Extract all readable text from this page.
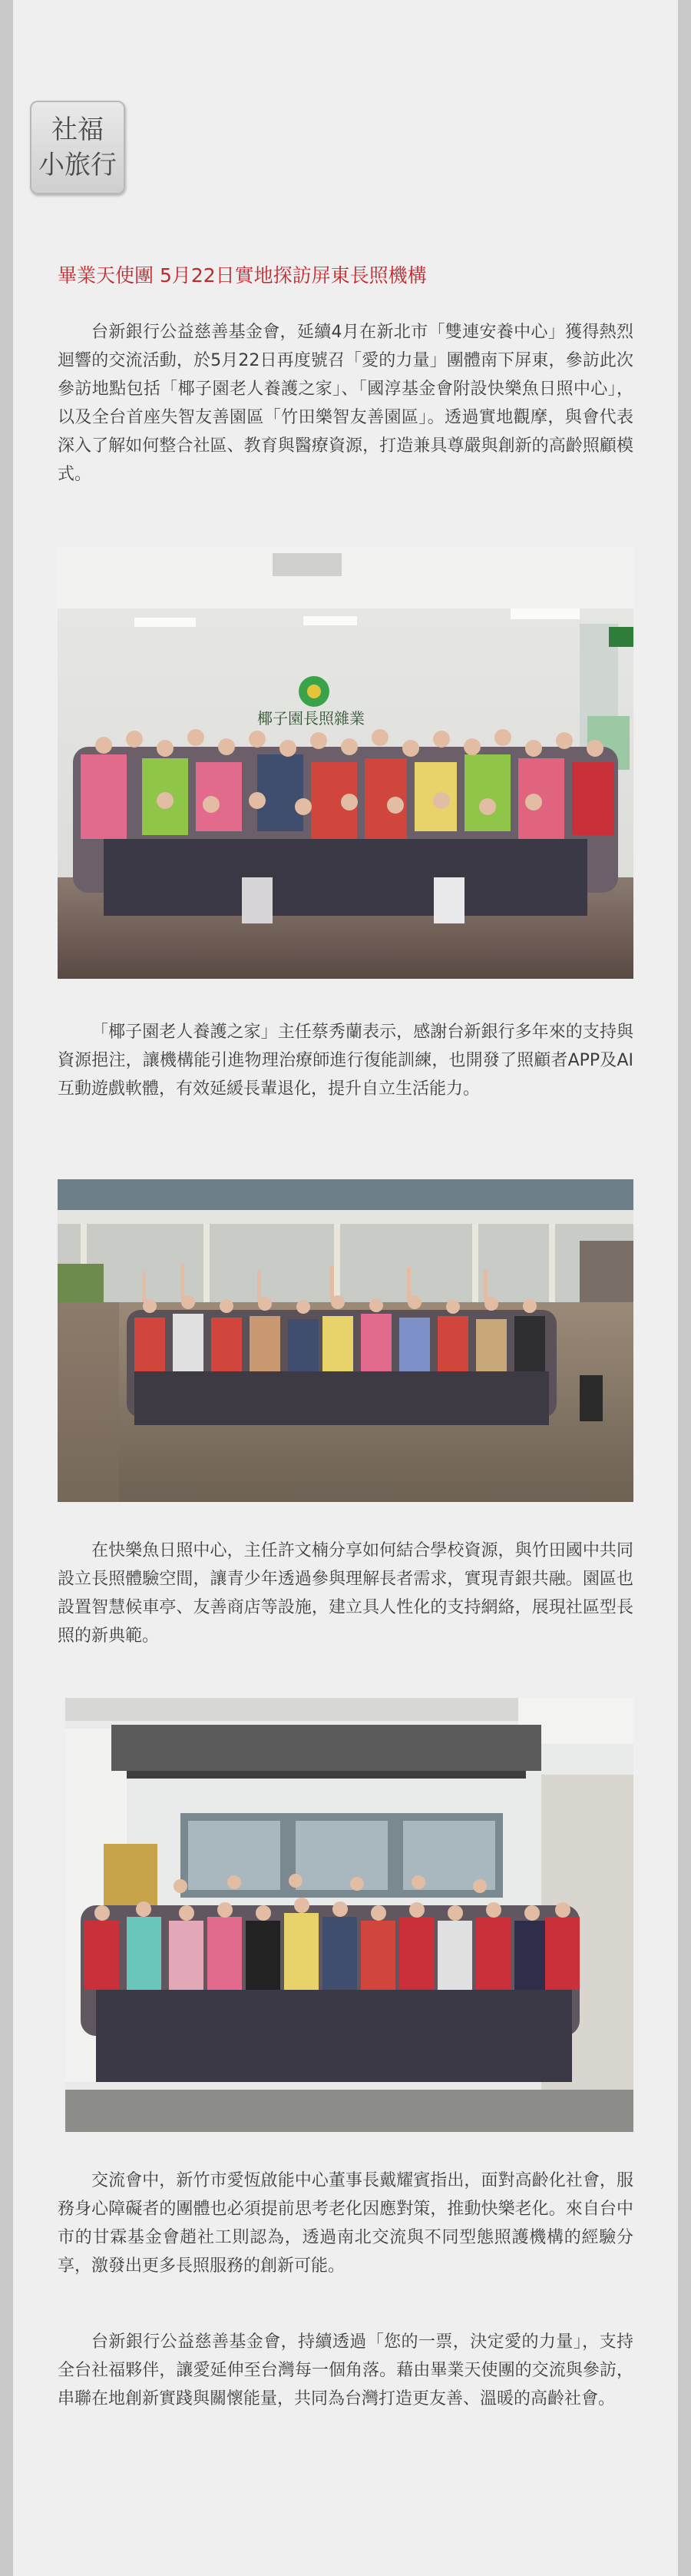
社福
小旅行
畢業天使團 5月22日實地探訪屏東長照機構

台新銀行公益慈善基金會，延續4月在新北市「雙連安養中心」獲得熱烈迴響的交流活動，於5月22日再度號召「愛的力量」團體南下屏東，參訪此次參訪地點包括「椰子園老人養護之家」、「國淳基金會附設快樂魚日照中心」，以及全台首座失智友善園區「竹田樂智友善園區」。透過實地觀摩，與會代表深入了解如何整合社區、教育與醫療資源，打造兼具尊嚴與創新的高齡照顧模式。

椰子園長照雜業

「椰子園老人養護之家」主任蔡秀蘭表示，感謝台新銀行多年來的支持與資源挹注，讓機構能引進物理治療師進行復能訓練，也開發了照顧者APP及AI互動遊戲軟體，有效延緩長輩退化，提升自立生活能力。

在快樂魚日照中心，主任許文楠分享如何結合學校資源，與竹田國中共同設立長照體驗空間，讓青少年透過參與理解長者需求，實現青銀共融。園區也設置智慧候車亭、友善商店等設施，建立具人性化的支持網絡，展現社區型長照的新典範。

交流會中，新竹市愛恆啟能中心董事長戴耀賓指出，面對高齡化社會，服務身心障礙者的團體也必須提前思考老化因應對策，推動快樂老化。來自台中市的甘霖基金會趙社工則認為，透過南北交流與不同型態照護機構的經驗分享，激發出更多長照服務的創新可能。

台新銀行公益慈善基金會，持續透過「您的一票，決定愛的力量」，支持全台社福夥伴，讓愛延伸至台灣每一個角落。藉由畢業天使團的交流與參訪，串聯在地創新實踐與關懷能量，共同為台灣打造更友善、溫暖的高齡社會。
